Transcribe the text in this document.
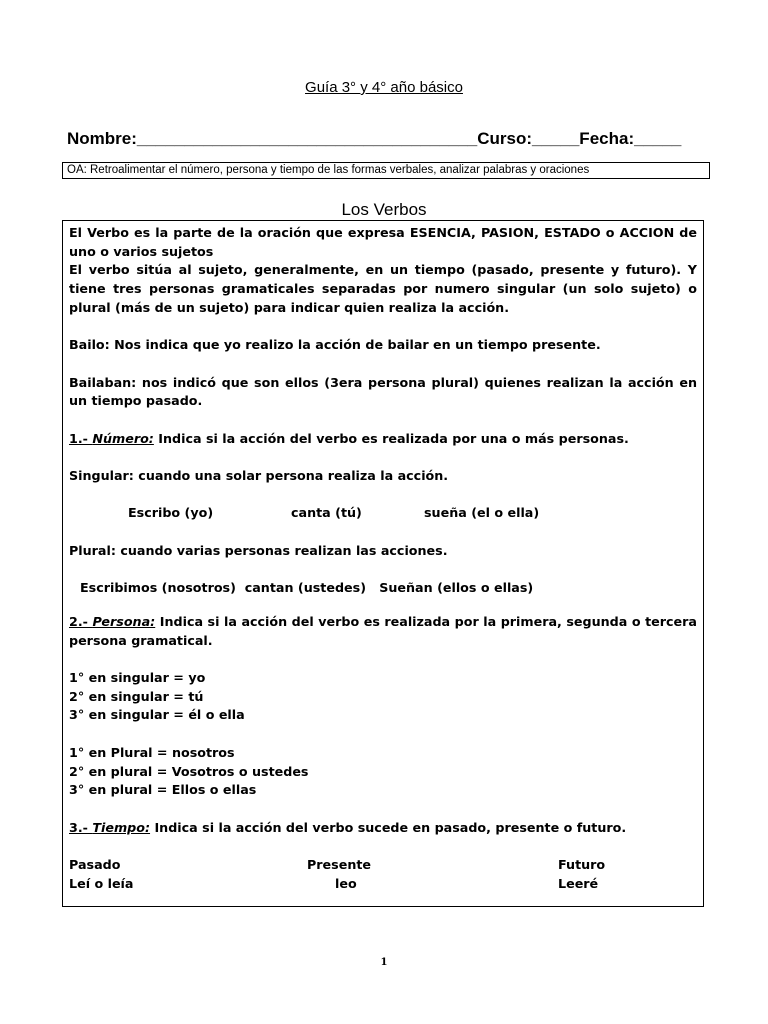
Guía 3° y 4° año básico
Nombre:____________________________________Curso:_____Fecha:_____
OA: Retroalimentar el número, persona y tiempo de las formas verbales, analizar palabras y oraciones
Los Verbos

El Verbo es la parte de la oración que expresa ESENCIA, PASION, ESTADO o ACCION de uno o varios sujetos

El verbo sitúa al sujeto, generalmente, en un tiempo (pasado, presente y futuro). Y tiene tres personas gramaticales separadas por numero singular (un solo sujeto) o plural (más de un sujeto) para indicar quien realiza la acción.

Bailo: Nos indica que yo realizo la acción de bailar en un tiempo presente.

Bailaban: nos indicó que son ellos (3era persona plural) quienes realizan la acción en un tiempo pasado.

1.- Número: Indica si la acción del verbo es realizada por una o más personas.

Singular: cuando una solar persona realiza la acción.

Escribo (yo)	canta (tú)	sueña (el o ella)

Plural: cuando varias personas realizan las acciones.

Escribimos (nosotros)  cantan (ustedes)   Sueñan (ellos o ellas)

2.- Persona: Indica si la acción del verbo es realizada por la primera, segunda o tercera persona gramatical.

1° en singular = yo

2° en singular = tú

3° en singular = él o ella

1° en Plural = nosotros

2° en plural = Vosotros o ustedes

3° en plural = Ellos o ellas

3.- Tiempo: Indica si la acción del verbo sucede en pasado, presente o futuro.

Pasado	Presente	Futuro
Leí o leía	leo	Leeré
1
